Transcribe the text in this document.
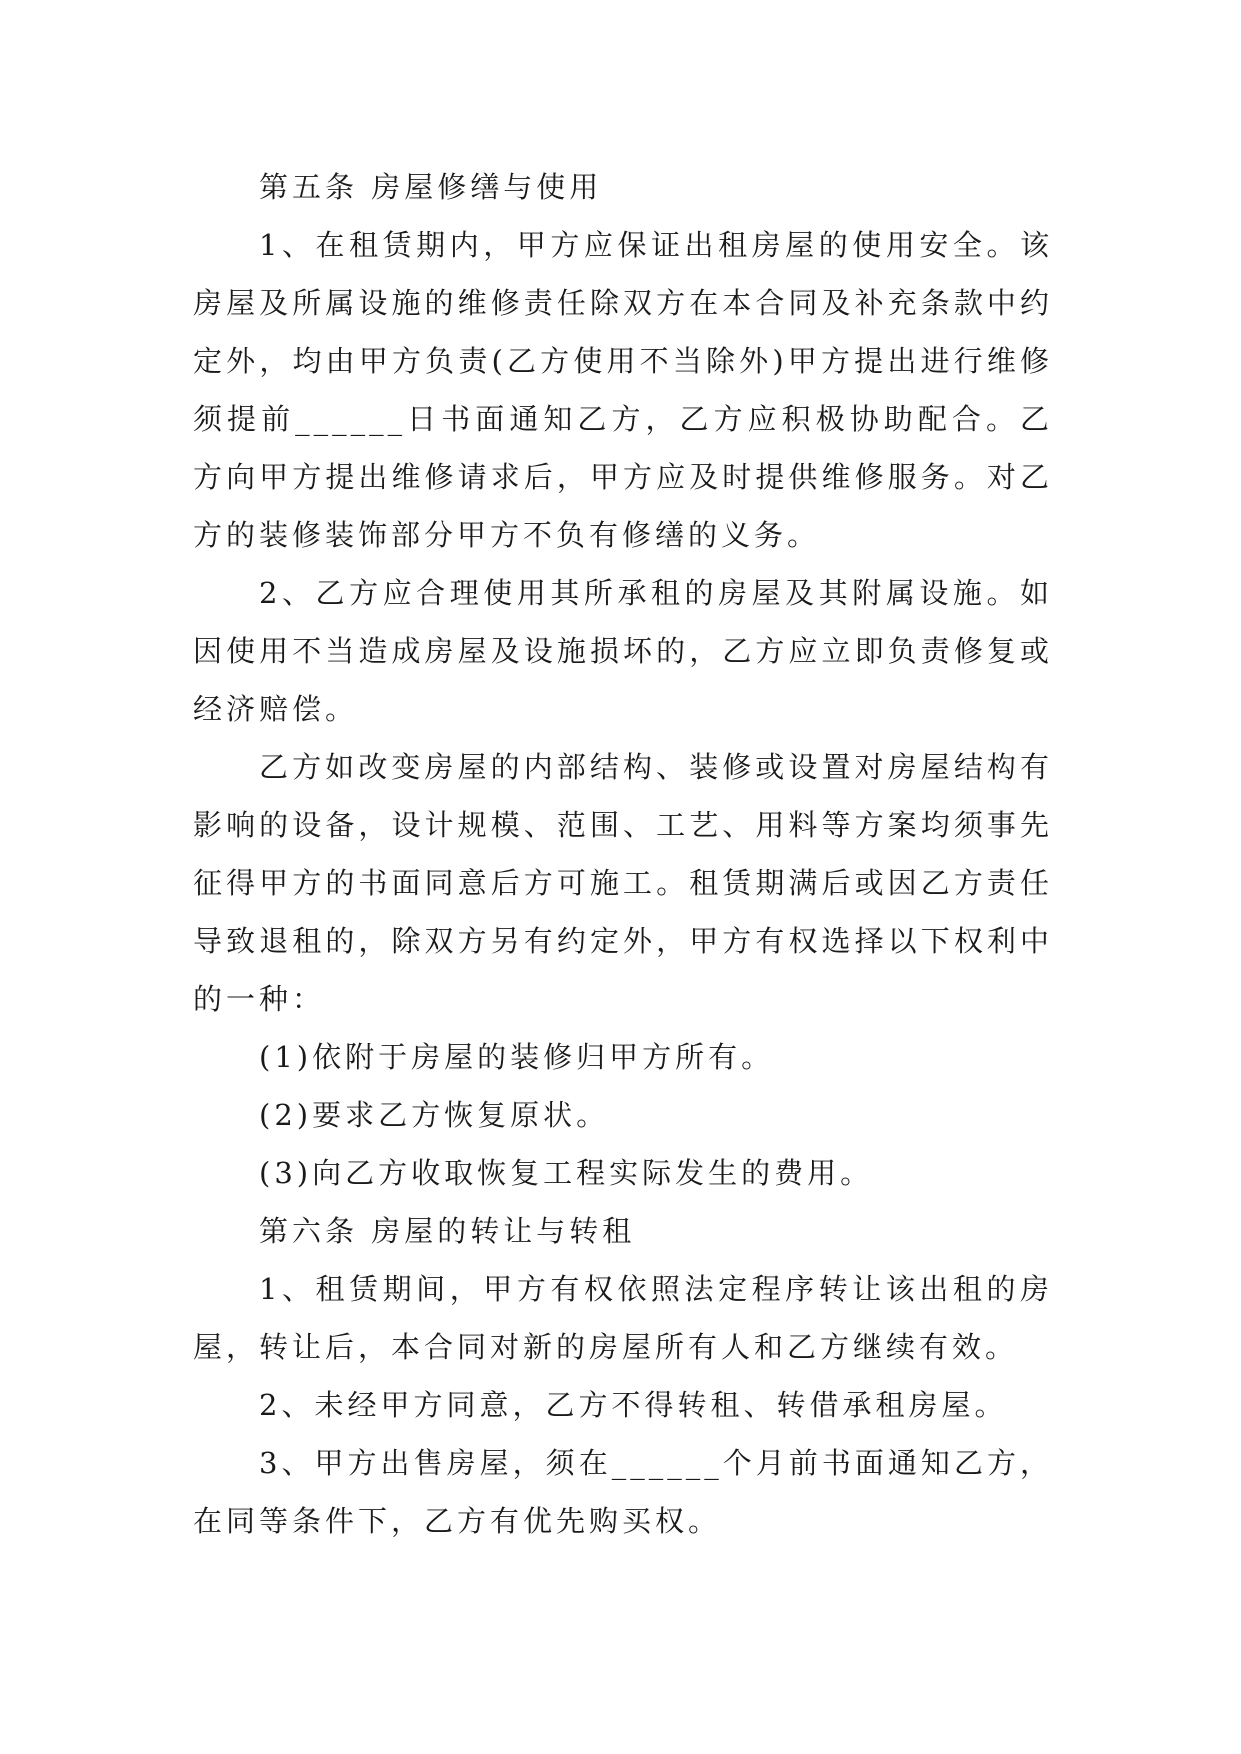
第五条 房屋修缮与使用

1、在租赁期内，甲方应保证出租房屋的使用安全。该房屋及所属设施的维修责任除双方在本合同及补充条款中约定外，均由甲方负责(乙方使用不当除外)甲方提出进行维修须提前______日书面通知乙方，乙方应积极协助配合。乙方向甲方提出维修请求后，甲方应及时提供维修服务。对乙方的装修装饰部分甲方不负有修缮的义务。

2、乙方应合理使用其所承租的房屋及其附属设施。如因使用不当造成房屋及设施损坏的，乙方应立即负责修复或经济赔偿。

乙方如改变房屋的内部结构、装修或设置对房屋结构有影响的设备，设计规模、范围、工艺、用料等方案均须事先征得甲方的书面同意后方可施工。租赁期满后或因乙方责任导致退租的，除双方另有约定外，甲方有权选择以下权利中的一种：

(1)依附于房屋的装修归甲方所有。

(2)要求乙方恢复原状。

(3)向乙方收取恢复工程实际发生的费用。

第六条 房屋的转让与转租

1、租赁期间，甲方有权依照法定程序转让该出租的房屋，转让后，本合同对新的房屋所有人和乙方继续有效。

2、未经甲方同意，乙方不得转租、转借承租房屋。

3、甲方出售房屋，须在______个月前书面通知乙方，在同等条件下，乙方有优先购买权。
